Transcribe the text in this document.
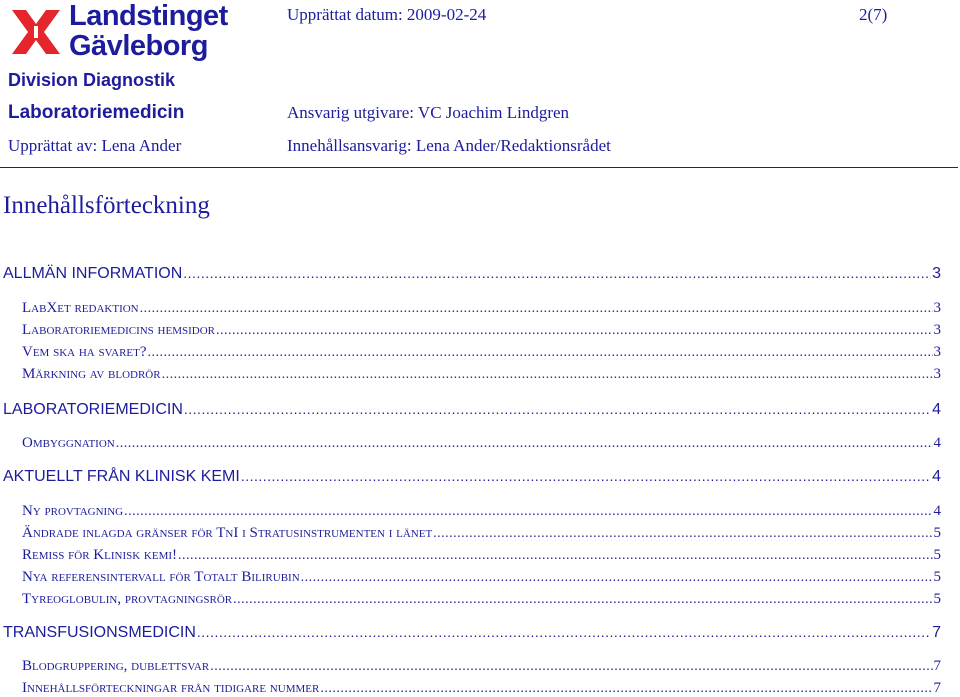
Landstinget
Gävleborg
Upprättat datum: 2009-02-24	2(7)
Division Diagnostik
Laboratoriemedicin	Ansvarig utgivare: VC Joachim Lindgren
Upprättat av: Lena Ander	Innehållsansvarig: Lena Ander/Redaktionsrådet
Innehållsförteckning
ALLMÄN INFORMATION .....	3
LabXet redaktion .....	3
Laboratoriemedicins hemsidor .....	3
Vem ska ha svaret? .....	3
Märkning av blodrör .....	3
LABORATORIEMEDICIN .....	4
Ombyggnation .....	4
AKTUELLT FRÅN KLINISK KEMI .....	4
Ny provtagning .....	4
Ändrade inlagda gränser för TnI i Stratusinstrumenten i länet .....	5
Remiss för Klinisk kemi! .....	5
Nya referensintervall för Totalt Bilirubin .....	5
Tyreoglobulin, provtagningsrör .....	5
TRANSFUSIONSMEDICIN .....	7
Blodgruppering, dublettsvar .....	7
Innehållsförteckningar från tidigare nummer .....	7
